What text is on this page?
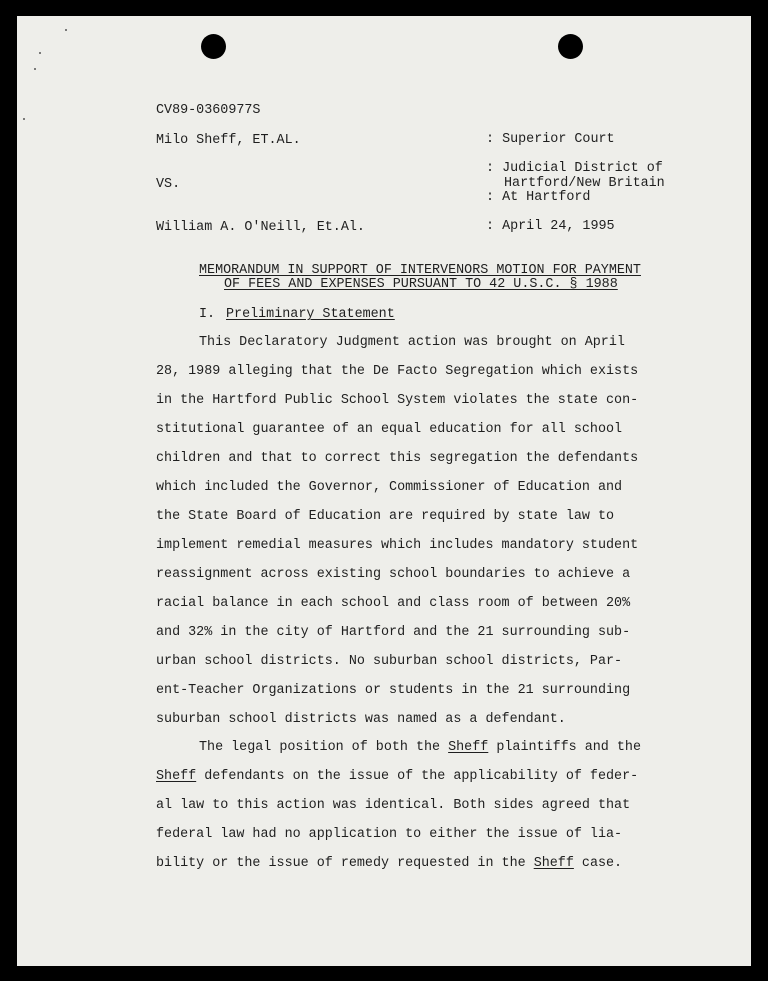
CV89-0360977S

Milo Sheff, ET.AL.

VS.

William A. O'Neill, Et.Al.

: Superior Court

: Judicial District of

Hartford/New Britain

: At Hartford

: April 24, 1995

MEMORANDUM IN SUPPORT OF INTERVENORS MOTION FOR PAYMENT

OF FEES AND EXPENSES PURSUANT TO 42 U.S.C. § 1988

I. Preliminary Statement

This Declaratory Judgment action was brought on April

28, 1989 alleging that the De Facto Segregation which exists

in the Hartford Public School System violates the state con-

stitutional guarantee of an equal education for all school

children and that to correct this segregation the defendants

which included the Governor, Commissioner of Education and

the State Board of Education are required by state law to

implement remedial measures which includes mandatory student

reassignment across existing school boundaries to achieve a

racial balance in each school and class room of between 20%

and 32% in the city of Hartford and the 21 surrounding sub-

urban school districts. No suburban school districts, Par-

ent-Teacher Organizations or students in the 21 surrounding

suburban school districts was named as a defendant.

The legal position of both the Sheff plaintiffs and the

Sheff defendants on the issue of the applicability of feder-

al law to this action was identical. Both sides agreed that

federal law had no application to either the issue of lia-

bility or the issue of remedy requested in the Sheff case.
